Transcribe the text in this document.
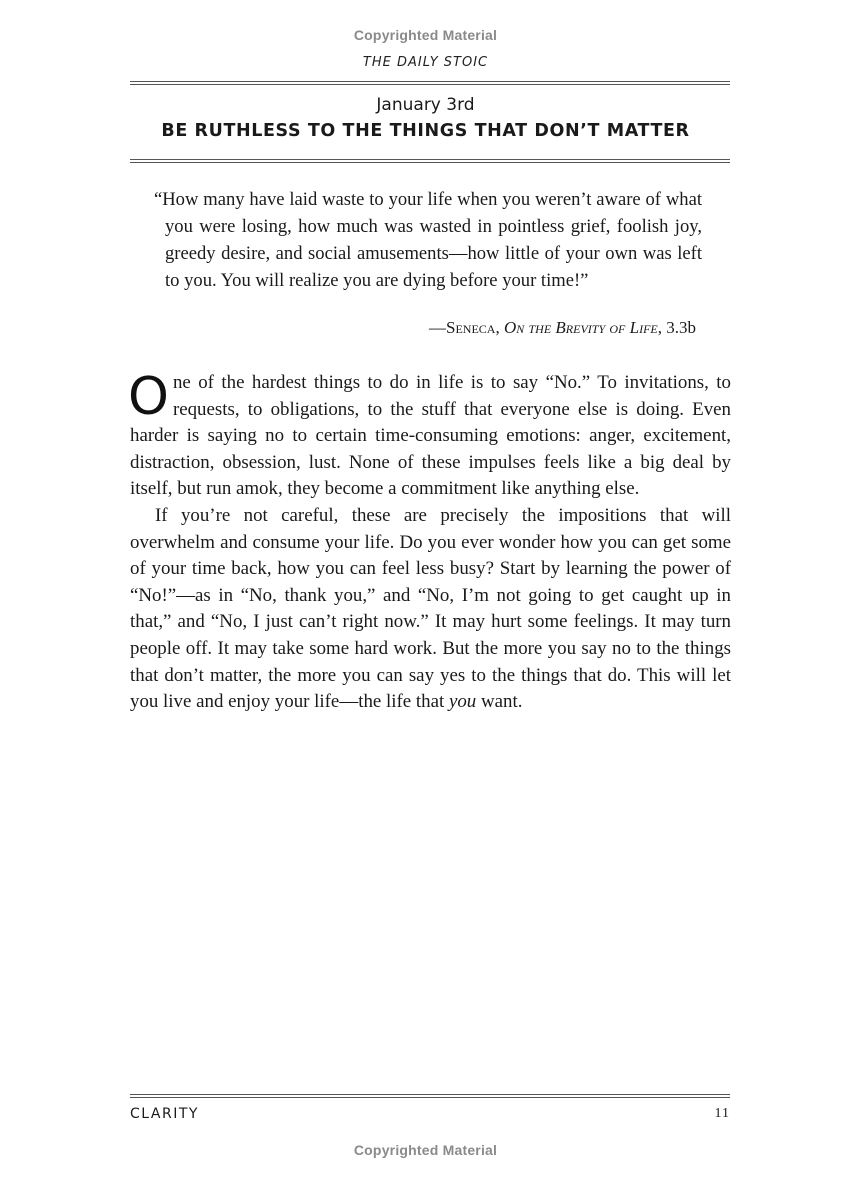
Copyrighted Material
THE DAILY STOIC
January 3rd
BE RUTHLESS TO THE THINGS THAT DON’T MATTER

“How many have laid waste to your life when you weren’t aware of what you were losing, how much was wasted in pointless grief, foolish joy, greedy desire, and social amusements—how little of your own was left to you. You will realize you are dying before your time!”

—Seneca, On the Brevity of Life, 3.3b

One of the hardest things to do in life is to say “No.” To invitations, to requests, to obligations, to the stuff that everyone else is doing. Even harder is saying no to certain time-consuming emotions: anger, excitement, distraction, obsession, lust. None of these impulses feels like a big deal by itself, but run amok, they become a commitment like anything else.

If you’re not careful, these are precisely the impositions that will overwhelm and consume your life. Do you ever wonder how you can get some of your time back, how you can feel less busy? Start by learning the power of “No!”—as in “No, thank you,” and “No, I’m not going to get caught up in that,” and “No, I just can’t right now.” It may hurt some feelings. It may turn people off. It may take some hard work. But the more you say no to the things that don’t matter, the more you can say yes to the things that do. This will let you live and enjoy your life—the life that you want.

CLARITY	11
Copyrighted Material
